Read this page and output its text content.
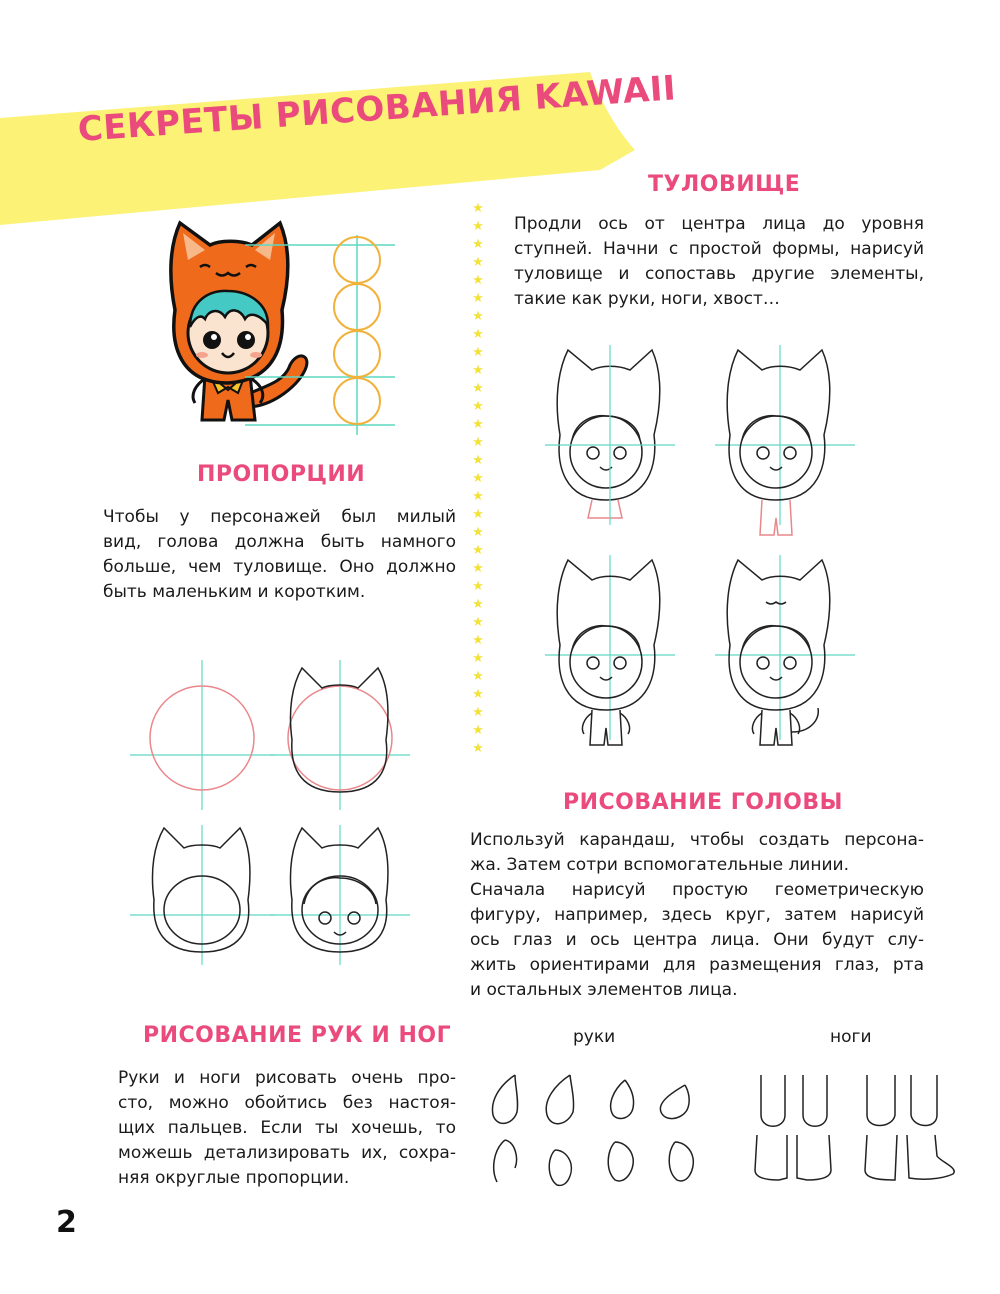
СЕКРЕТЫ РИСОВАНИЯ KAWAII
★
★
★
★
★
★
★
★
★
★
★
★
★
★
★
★
★
★
★
★
★
★
★
★
★
★
★
★
★
★
★
ПРОПОРЦИИ
Чтобы у персонажей был милый
вид, голова должна быть намного
больше, чем туловище. Оно должно
быть маленьким и коротким.
ТУЛОВИЩЕ
Продли ось от центра лица до уровня
ступней. Начни с простой формы, нарисуй
туловище и сопоставь другие элементы,
такие как руки, ноги, хвост…
РИСОВАНИЕ ГОЛОВЫ
Используй карандаш, чтобы создать персона-
жа. Затем сотри вспомогательные линии.
Сначала нарисуй простую геометрическую
фигуру, например, здесь круг, затем нарисуй
ось глаз и ось центра лица. Они будут слу-
жить ориентирами для размещения глаз, рта
и остальных элементов лица.
РИСОВАНИЕ РУК И НОГ
Руки и ноги рисовать очень про-
сто, можно обойтись без настоя-
щих пальцев. Если ты хочешь, то
можешь детализировать их, сохра-
няя округлые пропорции.
руки	ноги
2
